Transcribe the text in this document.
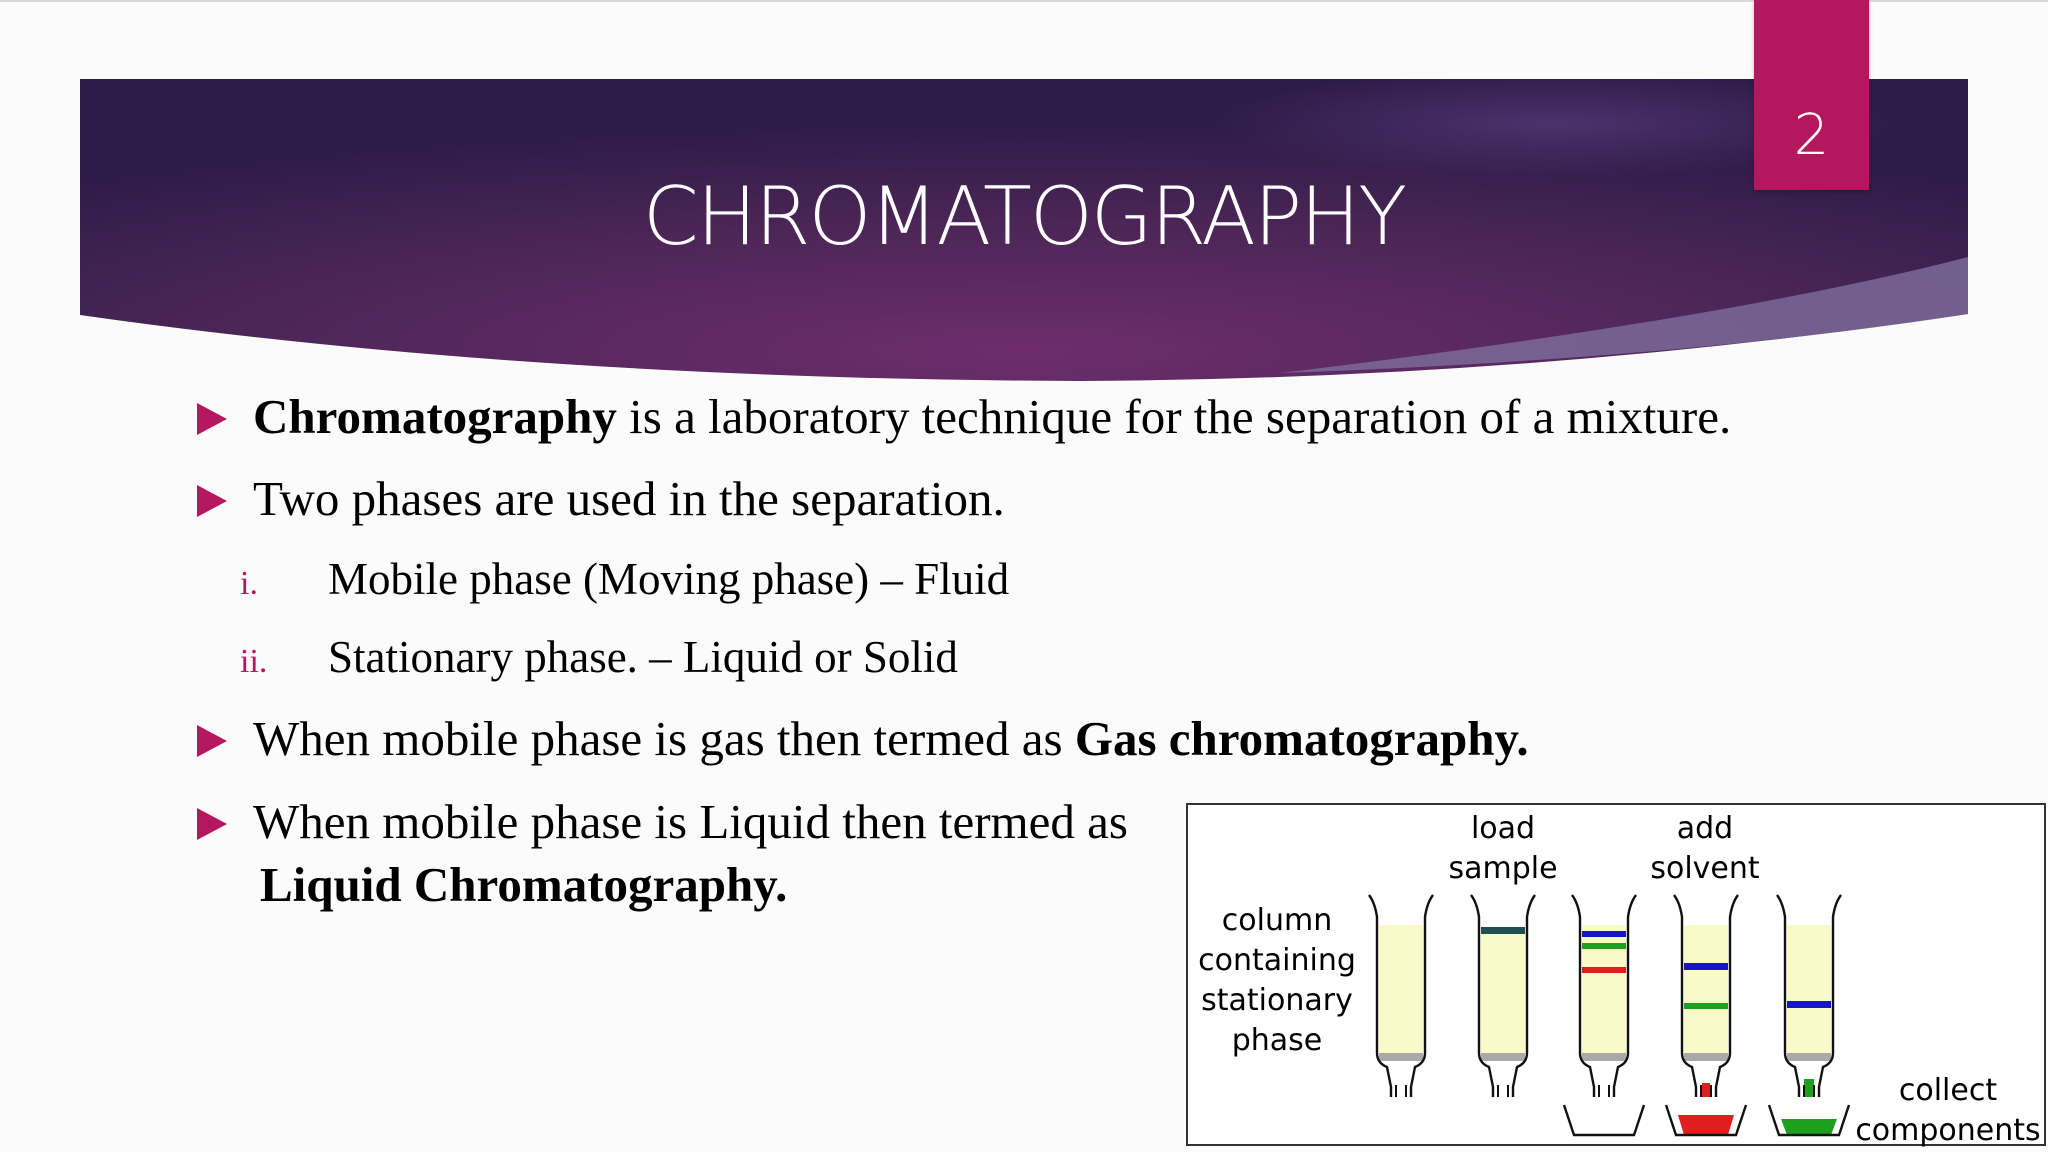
CHROMATOGRAPHY
2
Chromatography is a laboratory technique for the separation of a mixture.
Two phases are used in the separation.
i. Mobile phase (Moving phase) – Fluid
ii. Stationary phase. – Liquid or Solid
When mobile phase is gas then termed as Gas chromatography.
When mobile phase is Liquid then termed as
Liquid Chromatography.
column
containing
stationary
phase
load
sample
add
solvent
collect
components
